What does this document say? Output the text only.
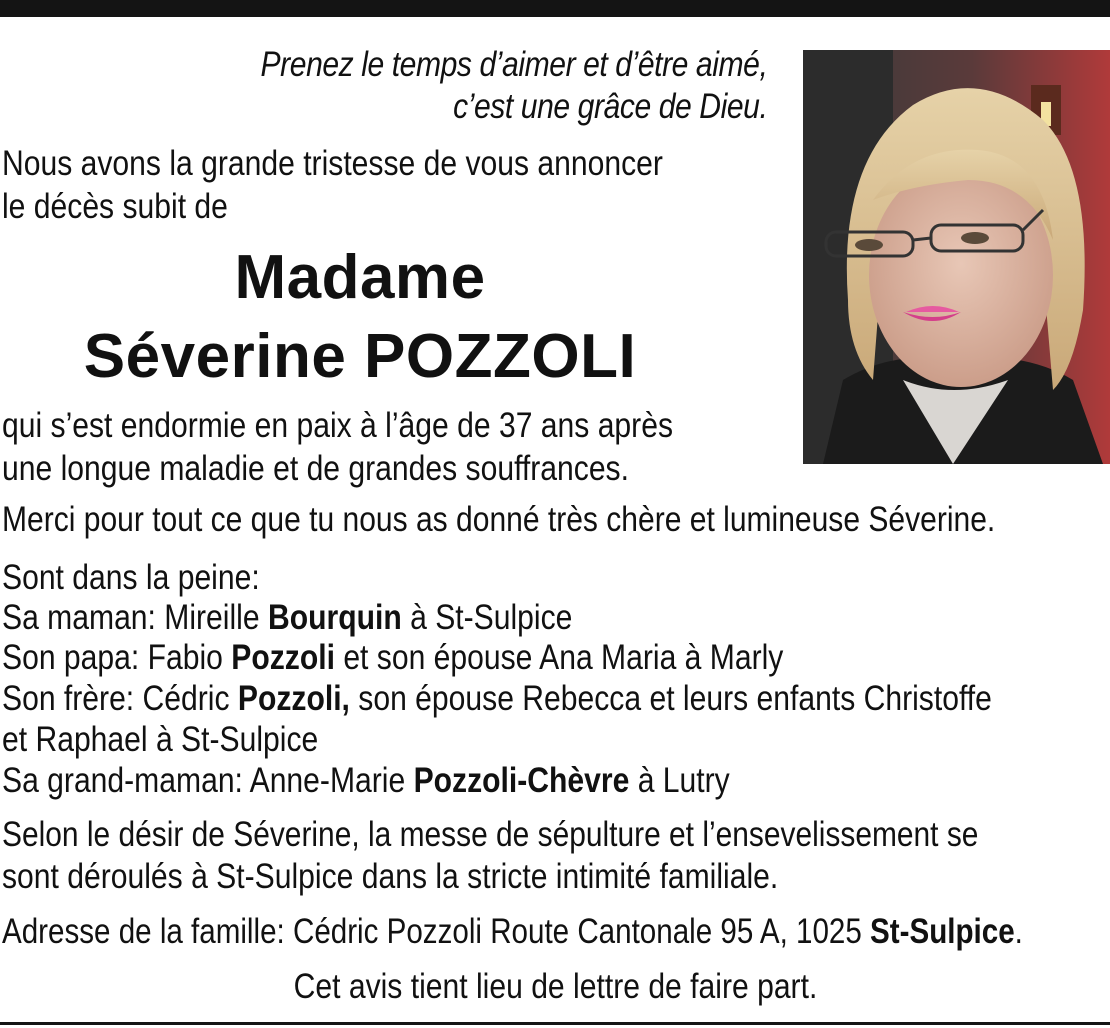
Prenez le temps d’aimer et d’être aimé,
c’est une grâce de Dieu.
Nous avons la grande tristesse de vous annoncer
le décès subit de
Madame
Séverine POZZOLI
qui s’est endormie en paix à l’âge de 37 ans après
une longue maladie et de grandes souffrances.
Merci pour tout ce que tu nous as donné très chère et lumineuse Séverine.
Sont dans la peine:
Sa maman: Mireille Bourquin à St-Sulpice
Son papa: Fabio Pozzoli et son épouse Ana Maria à Marly
Son frère: Cédric Pozzoli, son épouse Rebecca et leurs enfants Christoffe
et Raphael à St-Sulpice
Sa grand-maman: Anne-Marie Pozzoli-Chèvre à Lutry
Selon le désir de Séverine, la messe de sépulture et l’ensevelissement se
sont déroulés à St-Sulpice dans la stricte intimité familiale.
Adresse de la famille: Cédric Pozzoli Route Cantonale 95 A, 1025 St-Sulpice.
Cet avis tient lieu de lettre de faire part.
